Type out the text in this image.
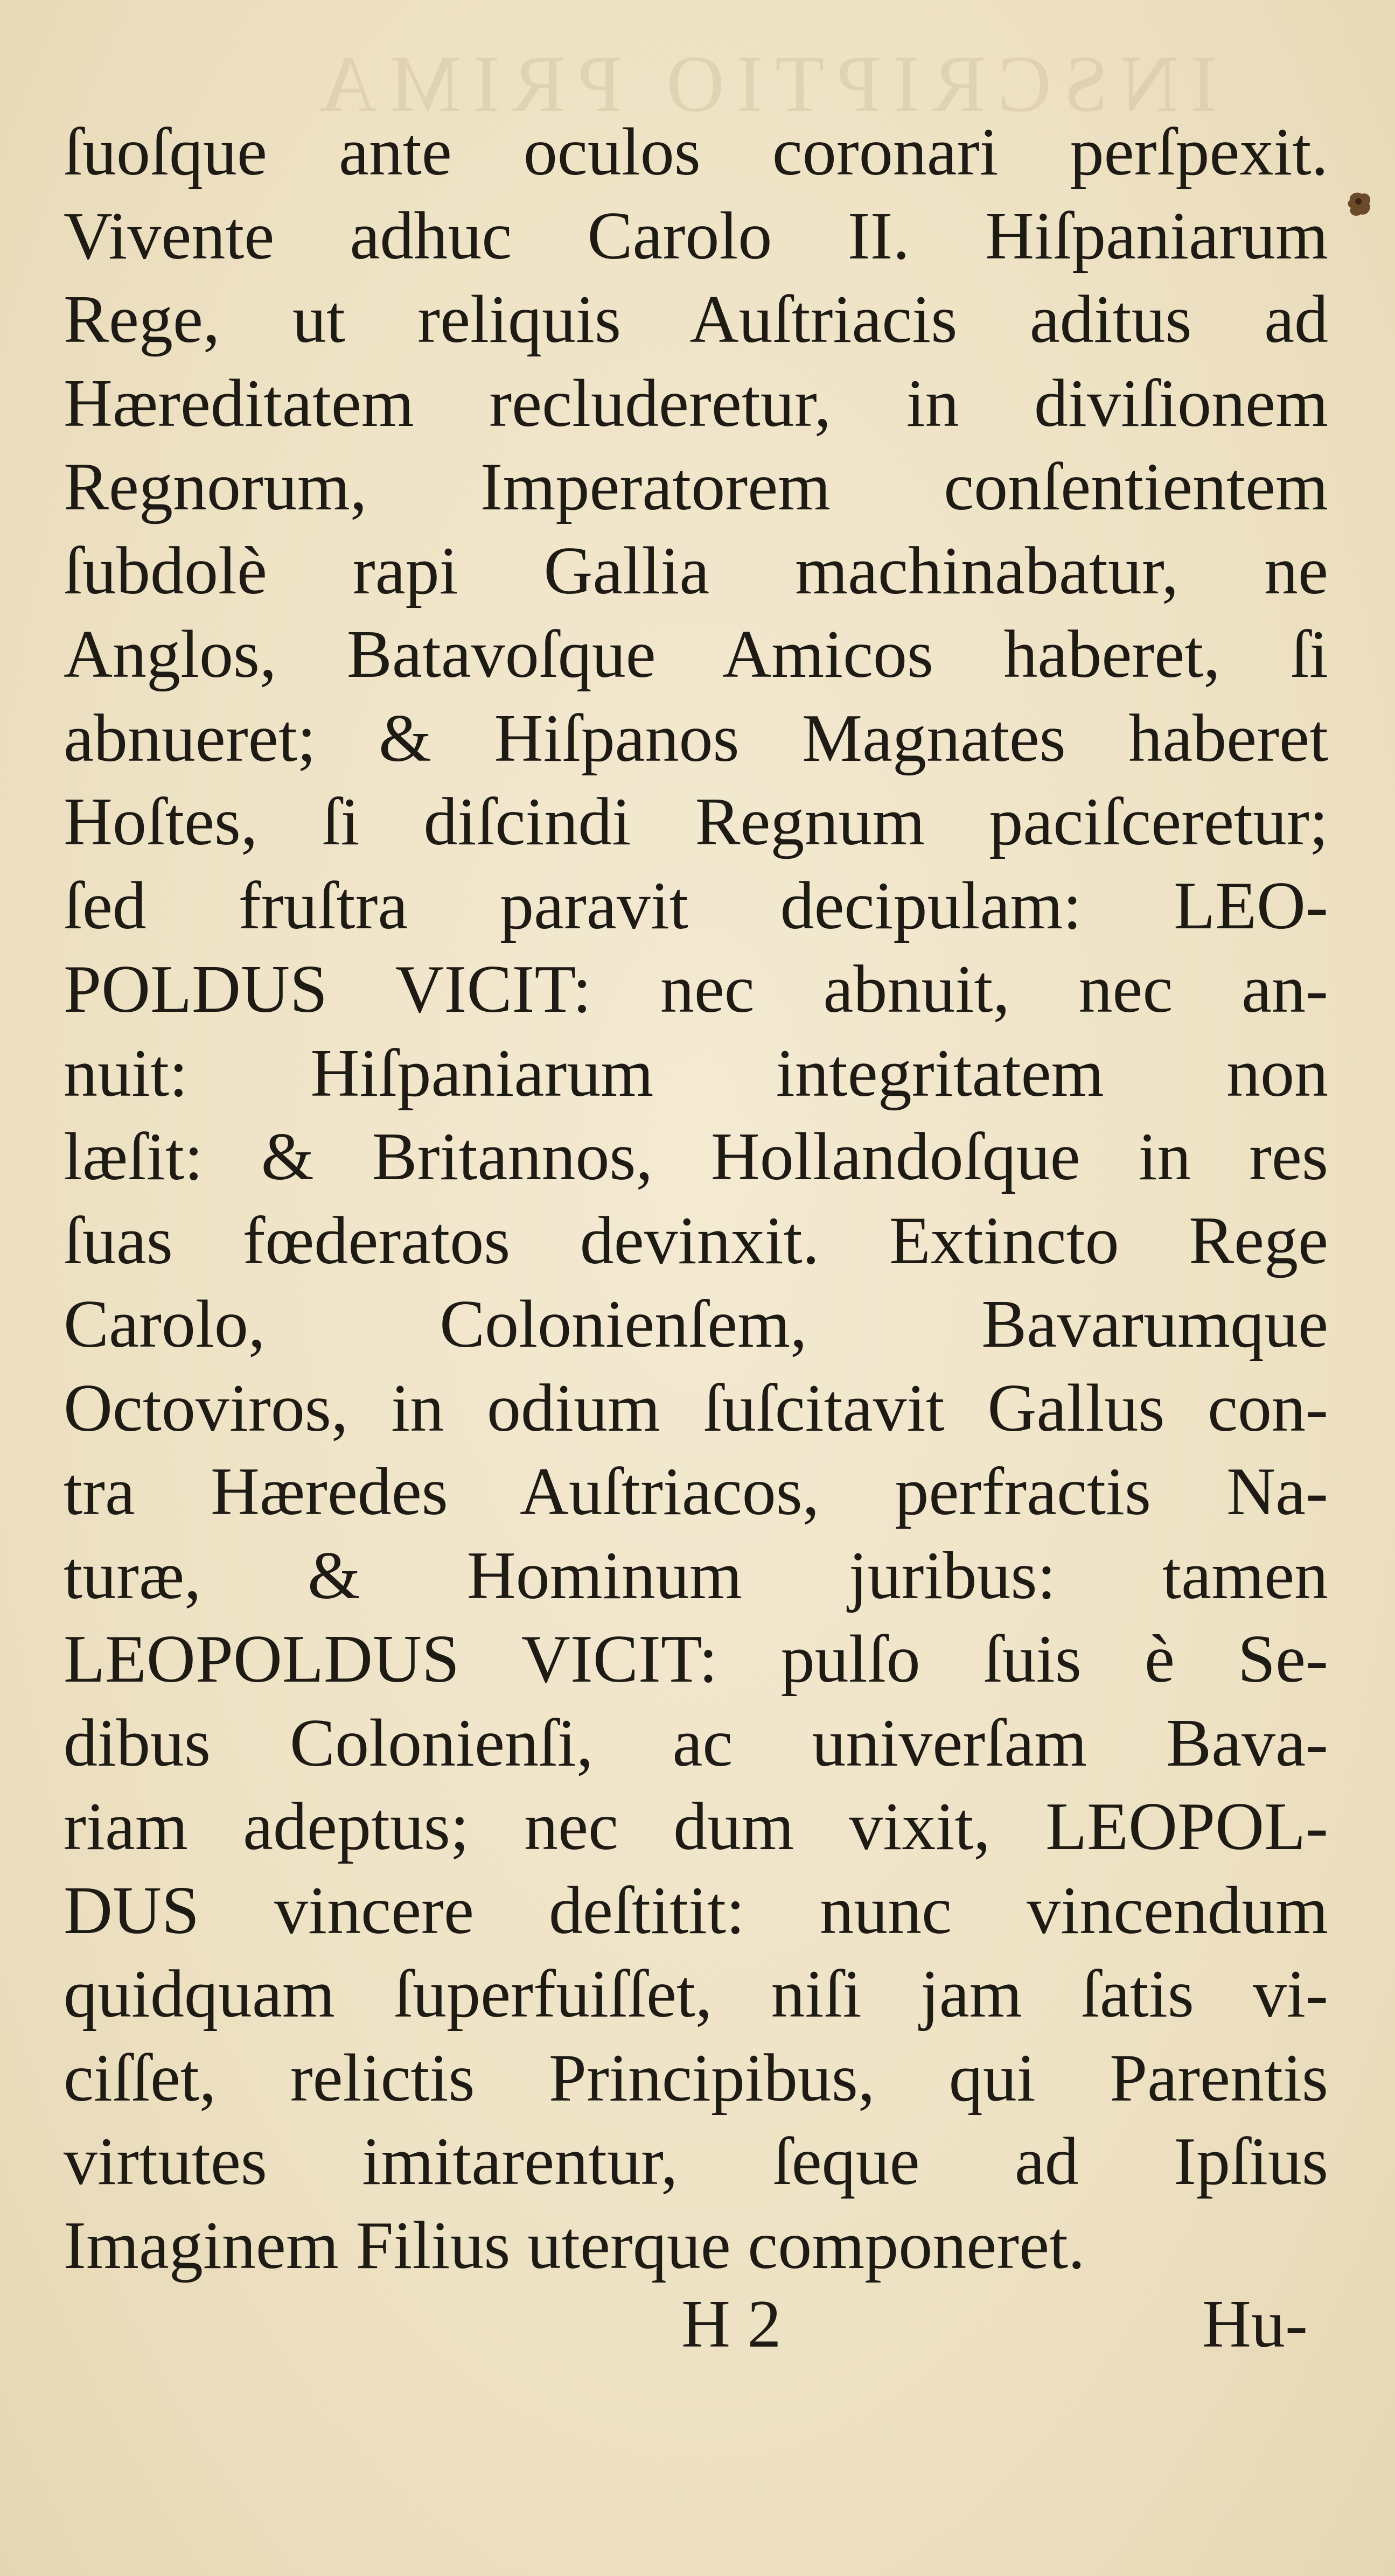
INSCRIPTIO PRIMA
ſuoſque ante oculos coronari perſpexit.
Vivente adhuc Carolo II. Hiſpaniarum
Rege, ut reliquis Auſtriacis aditus ad
Hæreditatem recluderetur, in diviſionem
Regnorum, Imperatorem conſentientem
ſubdolè rapi Gallia machinabatur, ne
Anglos, Batavoſque Amicos haberet, ſi
abnueret; & Hiſpanos Magnates haberet
Hoſtes, ſi diſcindi Regnum paciſceretur;
ſed fruſtra paravit decipulam: LEO-
POLDUS VICIT: nec abnuit, nec an-
nuit: Hiſpaniarum integritatem non
læſit: & Britannos, Hollandoſque in res
ſuas fœderatos devinxit. Extincto Rege
Carolo, Colonienſem, Bavarumque
Octoviros, in odium ſuſcitavit Gallus con-
tra Hæredes Auſtriacos, perfractis Na-
turæ, & Hominum juribus: tamen
LEOPOLDUS VICIT: pulſo ſuis è Se-
dibus Colonienſi, ac univerſam Bava-
riam adeptus; nec dum vixit, LEOPOL-
DUS vincere deſtitit: nunc vincendum
quidquam ſuperfuiſſet, niſi jam ſatis vi-
ciſſet, relictis Principibus, qui Parentis
virtutes imitarentur, ſeque ad Ipſius
Imaginem Filius uterque componeret.
H 2	Hu-
